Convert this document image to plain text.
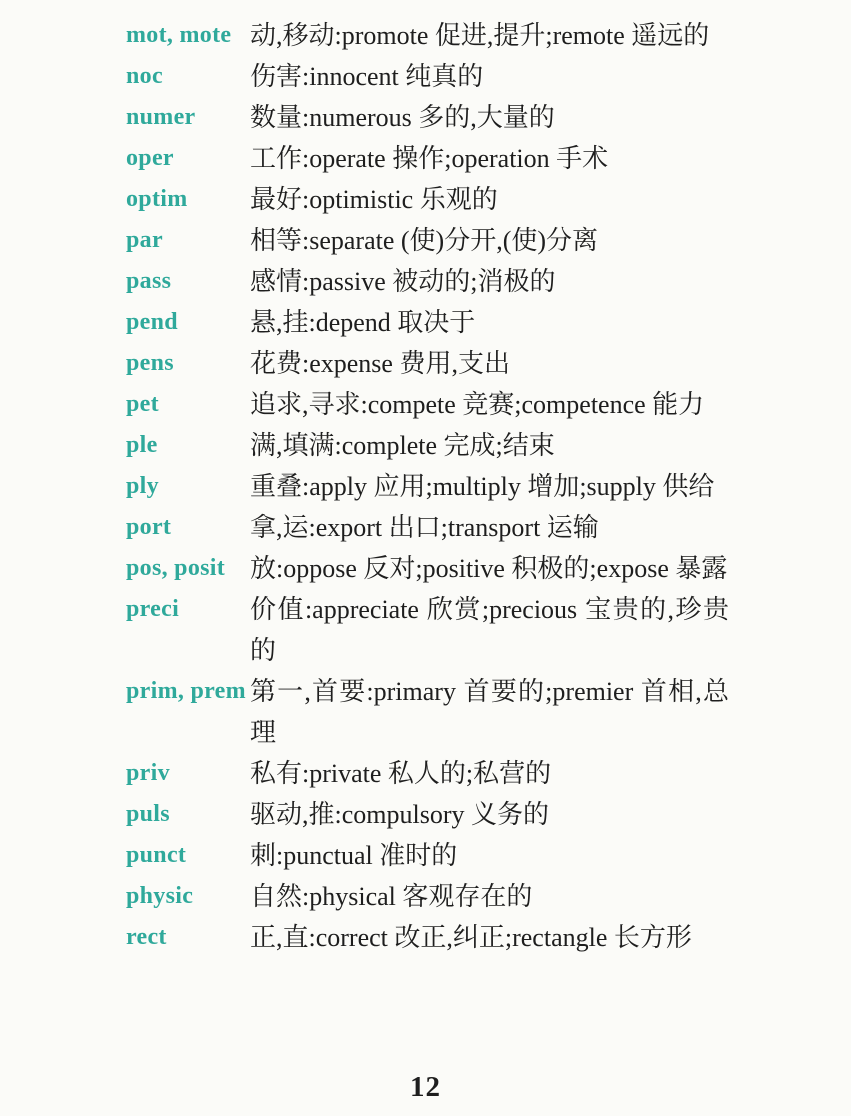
mot, mote 动,移动:promote 促进,提升;remote 遥远的
noc	伤害:innocent 纯真的
numer	数量:numerous 多的,大量的
oper	工作:operate 操作;operation 手术
optim	最好:optimistic 乐观的
par	相等:separate (使)分开,(使)分离
pass	感情:passive 被动的;消极的
pend	悬,挂:depend 取决于
pens	花费:expense 费用,支出
pet	追求,寻求:compete 竞赛;competence 能力
ple	满,填满:complete 完成;结束
ply	重叠:apply 应用;multiply 增加;supply 供给
port	拿,运:export 出口;transport 运输
pos, posit 放:oppose 反对;positive 积极的;expose 暴露
preci	价值:appreciate 欣赏;precious 宝贵的,珍贵的
prim, prem 第一,首要:primary 首要的;premier 首相,总理
priv	私有:private 私人的;私营的
puls	驱动,推:compulsory 义务的
punct	刺:punctual 准时的
physic	自然:physical 客观存在的
rect	正,直:correct 改正,纠正;rectangle 长方形
12
